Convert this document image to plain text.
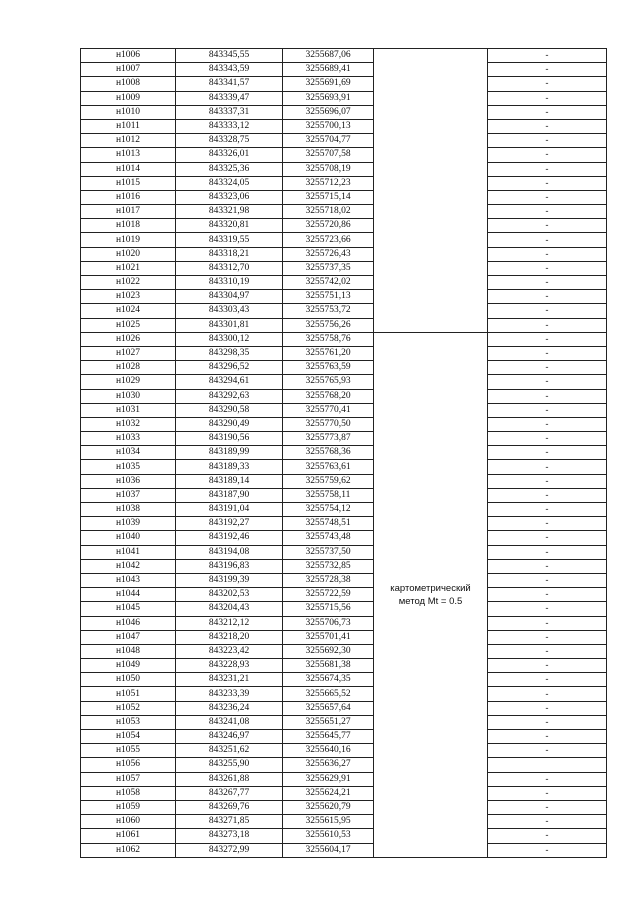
н1006	843345,55	3255687,06		-
н1007	843343,59	3255689,41		-
н1008	843341,57	3255691,69		-
н1009	843339,47	3255693,91		-
н1010	843337,31	3255696,07		-
н1011	843333,12	3255700,13		-
н1012	843328,75	3255704,77		-
н1013	843326,01	3255707,58		-
н1014	843325,36	3255708,19		-
н1015	843324,05	3255712,23		-
н1016	843323,06	3255715,14		-
н1017	843321,98	3255718,02		-
н1018	843320,81	3255720,86		-
н1019	843319,55	3255723,66		-
н1020	843318,21	3255726,43		-
н1021	843312,70	3255737,35		-
н1022	843310,19	3255742,02		-
н1023	843304,97	3255751,13		-
н1024	843303,43	3255753,72		-
н1025	843301,81	3255756,26		-
н1026	843300,12	3255758,76	картометрический
метод Mt = 0.5	-
н1027	843298,35	3255761,20		-
н1028	843296,52	3255763,59		-
н1029	843294,61	3255765,93		-
н1030	843292,63	3255768,20		-
н1031	843290,58	3255770,41		-
н1032	843290,49	3255770,50		-
н1033	843190,56	3255773,87		-
н1034	843189,99	3255768,36		-
н1035	843189,33	3255763,61		-
н1036	843189,14	3255759,62		-
н1037	843187,90	3255758,11		-
н1038	843191,04	3255754,12		-
н1039	843192,27	3255748,51		-
н1040	843192,46	3255743,48		-
н1041	843194,08	3255737,50		-
н1042	843196,83	3255732,85		-
н1043	843199,39	3255728,38		-
н1044	843202,53	3255722,59		-
н1045	843204,43	3255715,56		-
н1046	843212,12	3255706,73		-
н1047	843218,20	3255701,41		-
н1048	843223,42	3255692,30		-
н1049	843228,93	3255681,38		-
н1050	843231,21	3255674,35		-
н1051	843233,39	3255665,52		-
н1052	843236,24	3255657,64		-
н1053	843241,08	3255651,27		-
н1054	843246,97	3255645,77		-
н1055	843251,62	3255640,16		-
н1056	843255,90	3255636,27		
н1057	843261,88	3255629,91		-
н1058	843267,77	3255624,21		-
н1059	843269,76	3255620,79		-
н1060	843271,85	3255615,95		-
н1061	843273,18	3255610,53		-
н1062	843272,99	3255604,17		-
